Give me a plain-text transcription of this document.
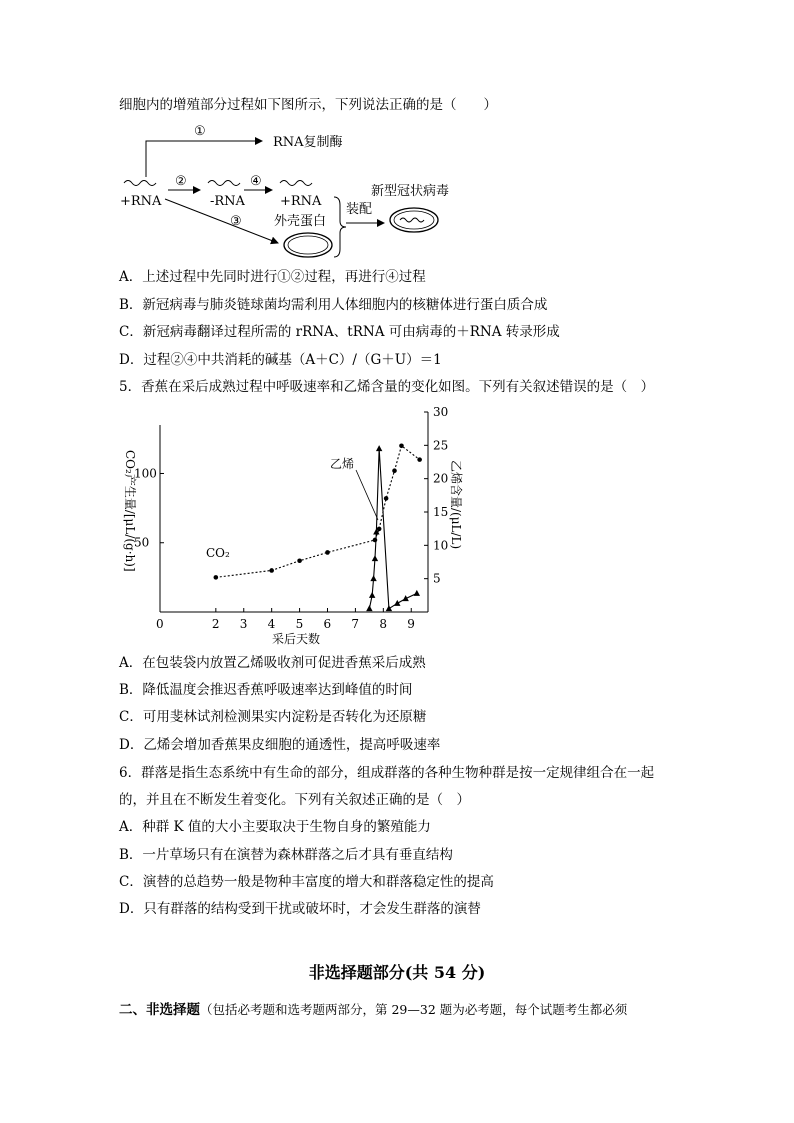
细胞内的增殖部分过程如下图所示，下列说法正确的是（　　）
+RNA
①
RNA复制酶
②
-RNA
④
+RNA
③ 外壳蛋白
装配
新型冠状病毒
A．上述过程中先同时进行①②过程，再进行④过程
B．新冠病毒与肺炎链球菌均需利用人体细胞内的核糖体进行蛋白质合成
C．新冠病毒翻译过程所需的 rRNA、tRNA 可由病毒的＋RNA 转录形成
D．过程②④中共消耗的碱基（A＋C）/（G＋U）＝1
5．香蕉在采后成熟过程中呼吸速率和乙烯含量的变化如图。下列有关叙述错误的是（　）
0	2 3 4 5 6 7 8 9
50
100
5
10
15
20
25
30
采后天数
CO₂产生量/[μL/(g·h)]	乙烯含量/(μL/L)
CO₂
乙烯
A．在包装袋内放置乙烯吸收剂可促进香蕉采后成熟
B．降低温度会推迟香蕉呼吸速率达到峰值的时间
C．可用斐林试剂检测果实内淀粉是否转化为还原糖
D．乙烯会增加香蕉果皮细胞的通透性，提高呼吸速率
6．群落是指生态系统中有生命的部分，组成群落的各种生物种群是按一定规律组合在一起
的，并且在不断发生着变化。下列有关叙述正确的是（　）
A．种群 K 值的大小主要取决于生物自身的繁殖能力
B．一片草场只有在演替为森林群落之后才具有垂直结构
C．演替的总趋势一般是物种丰富度的增大和群落稳定性的提高
D．只有群落的结构受到干扰或破坏时，才会发生群落的演替
非选择题部分(共 54 分)
二、非选择题（包括必考题和选考题两部分，第 29—32 题为必考题，每个试题考生都必须
